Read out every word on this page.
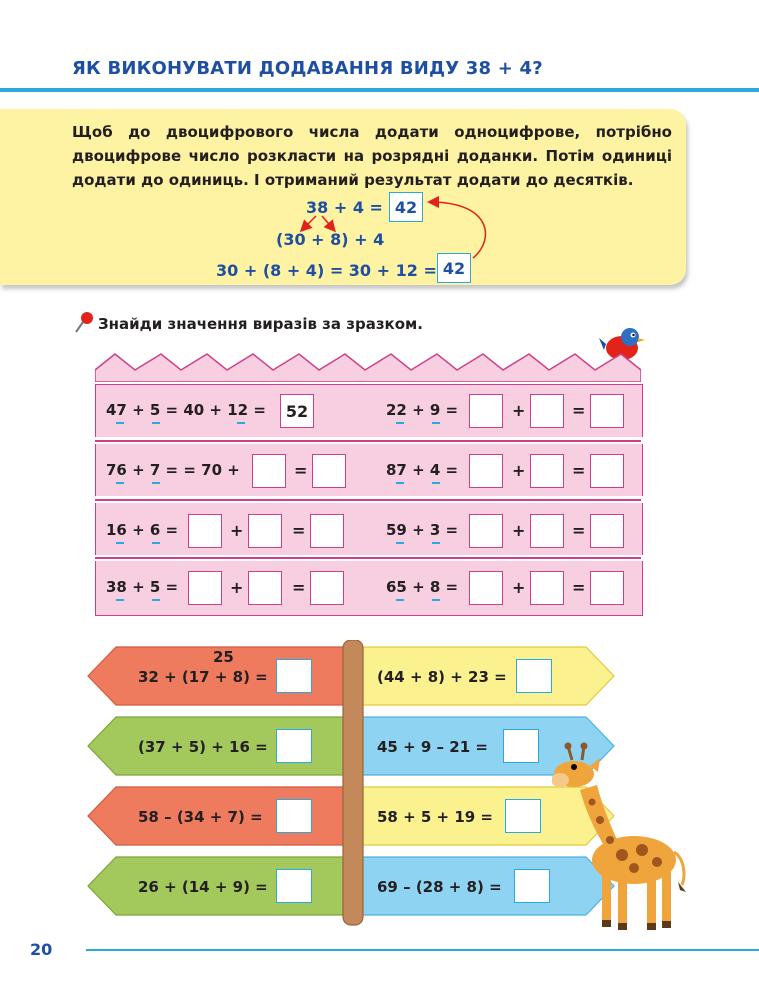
ЯК ВИКОНУВАТИ ДОДАВАННЯ ВИДУ 38 + 4?
Щоб до двоцифрового числа додати одноцифрове, потрібно двоцифрове число розкласти на розрядні доданки. Потім одиниці додати до одиниць. І отриманий результат додати до десятків.
38 + 4 = 42
(30 + 8) + 4
30 + (8 + 4) = 30 + 12 = 42
Знайди значення виразів за зразком.
47 + 5 = 40 + 12 =	52	22 + 9 =	+	=
76 + 7 = = 70 +	=	87 + 4 =	+	=
16 + 6 =	+	=	59 + 3 =	+	=
38 + 5 =	+	=	65 + 8 =	+	=
25
32 + (17 + 8) =
(37 + 5) + 16 =
58 – (34 + 7) =
26 + (14 + 9) =
(44 + 8) + 23 =
45 + 9 – 21 =
58 + 5 + 19 =
69 – (28 + 8) =
20
